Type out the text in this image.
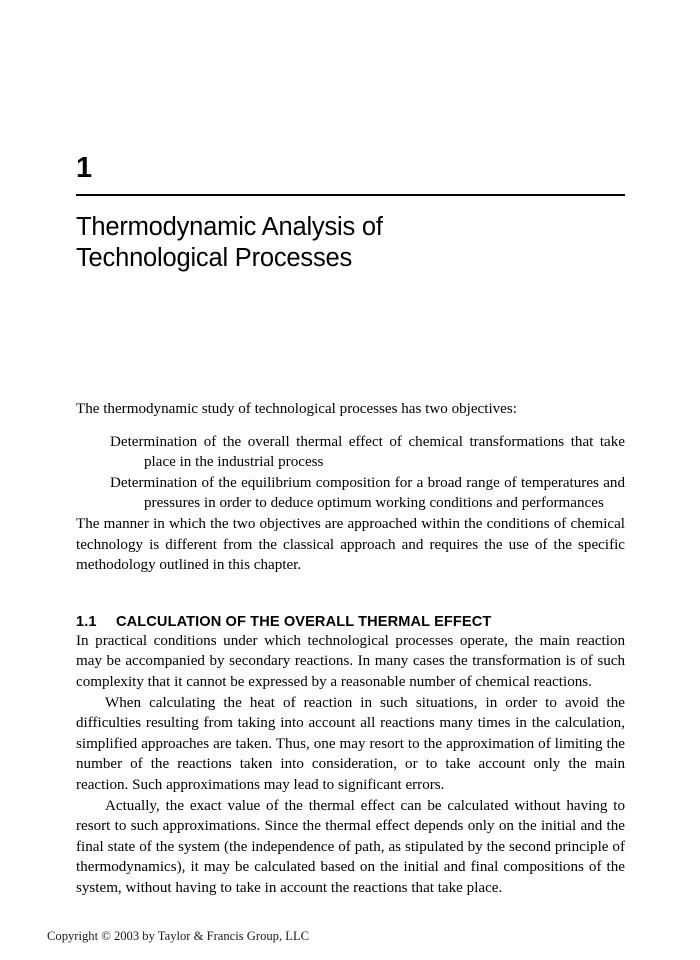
1
Thermodynamic Analysis of
Technological Processes

The thermodynamic study of technological processes has two objectives:

Determination of the overall thermal effect of chemical transformations that take place in the industrial process
Determination of the equilibrium composition for a broad range of temperatures and pressures in order to deduce optimum working conditions and performances

The manner in which the two objectives are approached within the conditions of chemical technology is different from the classical approach and requires the use of the specific methodology outlined in this chapter.

1.1	CALCULATION OF THE OVERALL THERMAL EFFECT

In practical conditions under which technological processes operate, the main reaction may be accompanied by secondary reactions. In many cases the transformation is of such complexity that it cannot be expressed by a reasonable number of chemical reactions.

When calculating the heat of reaction in such situations, in order to avoid the difficulties resulting from taking into account all reactions many times in the calculation, simplified approaches are taken. Thus, one may resort to the approximation of limiting the number of the reactions taken into consideration, or to take account only the main reaction. Such approximations may lead to significant errors.

Actually, the exact value of the thermal effect can be calculated without having to resort to such approximations. Since the thermal effect depends only on the initial and the final state of the system (the independence of path, as stipulated by the second principle of thermodynamics), it may be calculated based on the initial and final compositions of the system, without having to take in account the reactions that take place.

Copyright © 2003 by Taylor & Francis Group, LLC
